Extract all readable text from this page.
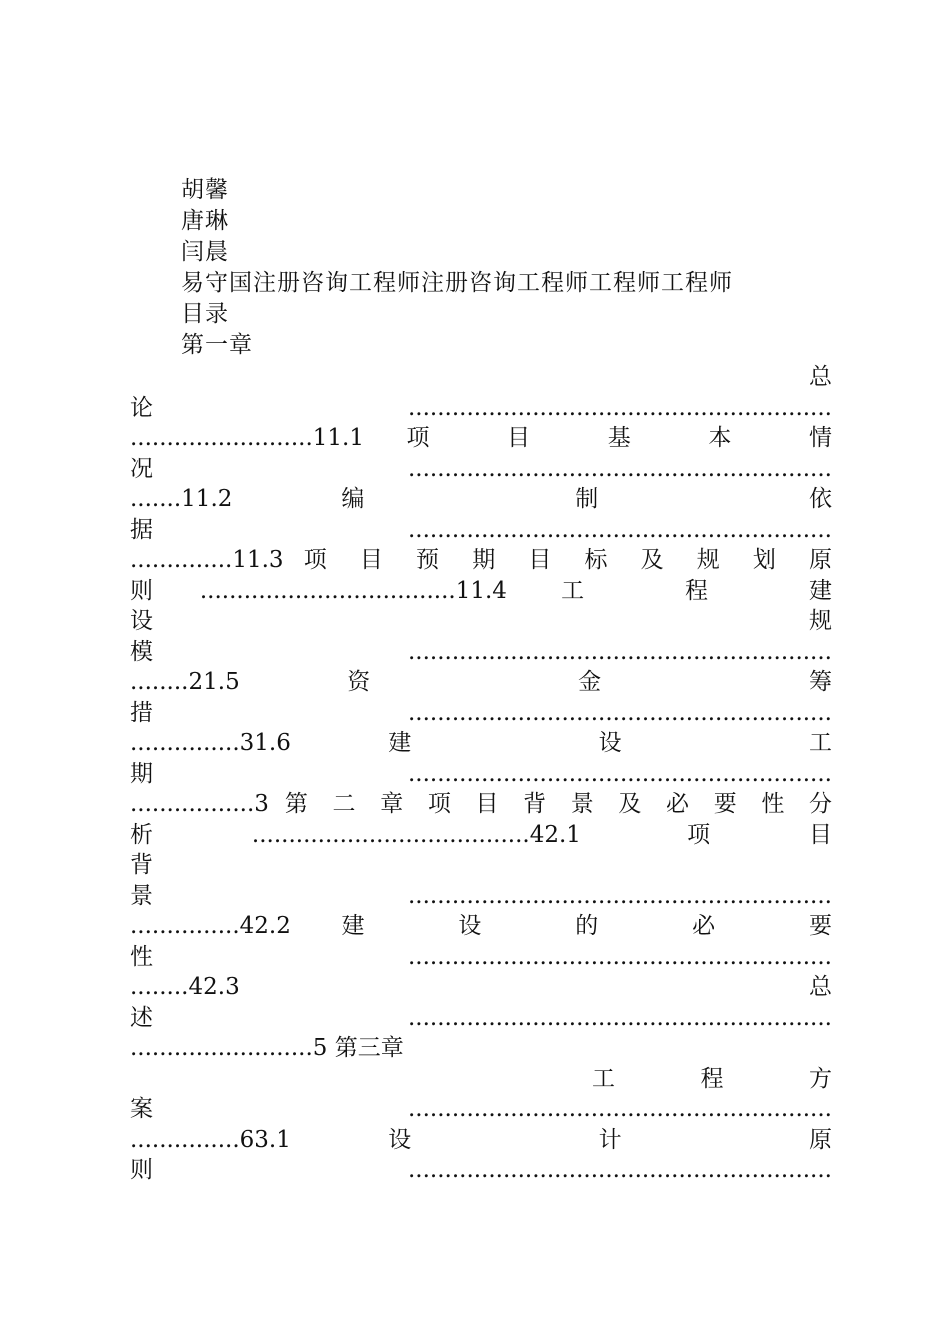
胡馨
唐琳
闫晨
易守国注册咨询工程师注册咨询工程师工程师工程师
目录
第一章
总
论..........................................................
.........................11.1 项 目 基 本 情
况..........................................................
.......11.2 编 制 依
据..........................................................
..............11.3 项 目 预 期 目 标 及 规 划 原
则...................................11.4 工 程 建
设 规
模..........................................................
........21.5 资 金 筹
措..........................................................
...............31.6 建 设 工
期..........................................................
.................3 第 二 章 项 目 背 景 及 必 要 性 分
析......................................42.1 项目
背
景..........................................................
...............42.2 建 设 的 必 要
性..........................................................
........42.3 总
述..........................................................
.........................5 第三章
工 程 方
案..........................................................
...............63.1 设 计 原
则..........................................................
